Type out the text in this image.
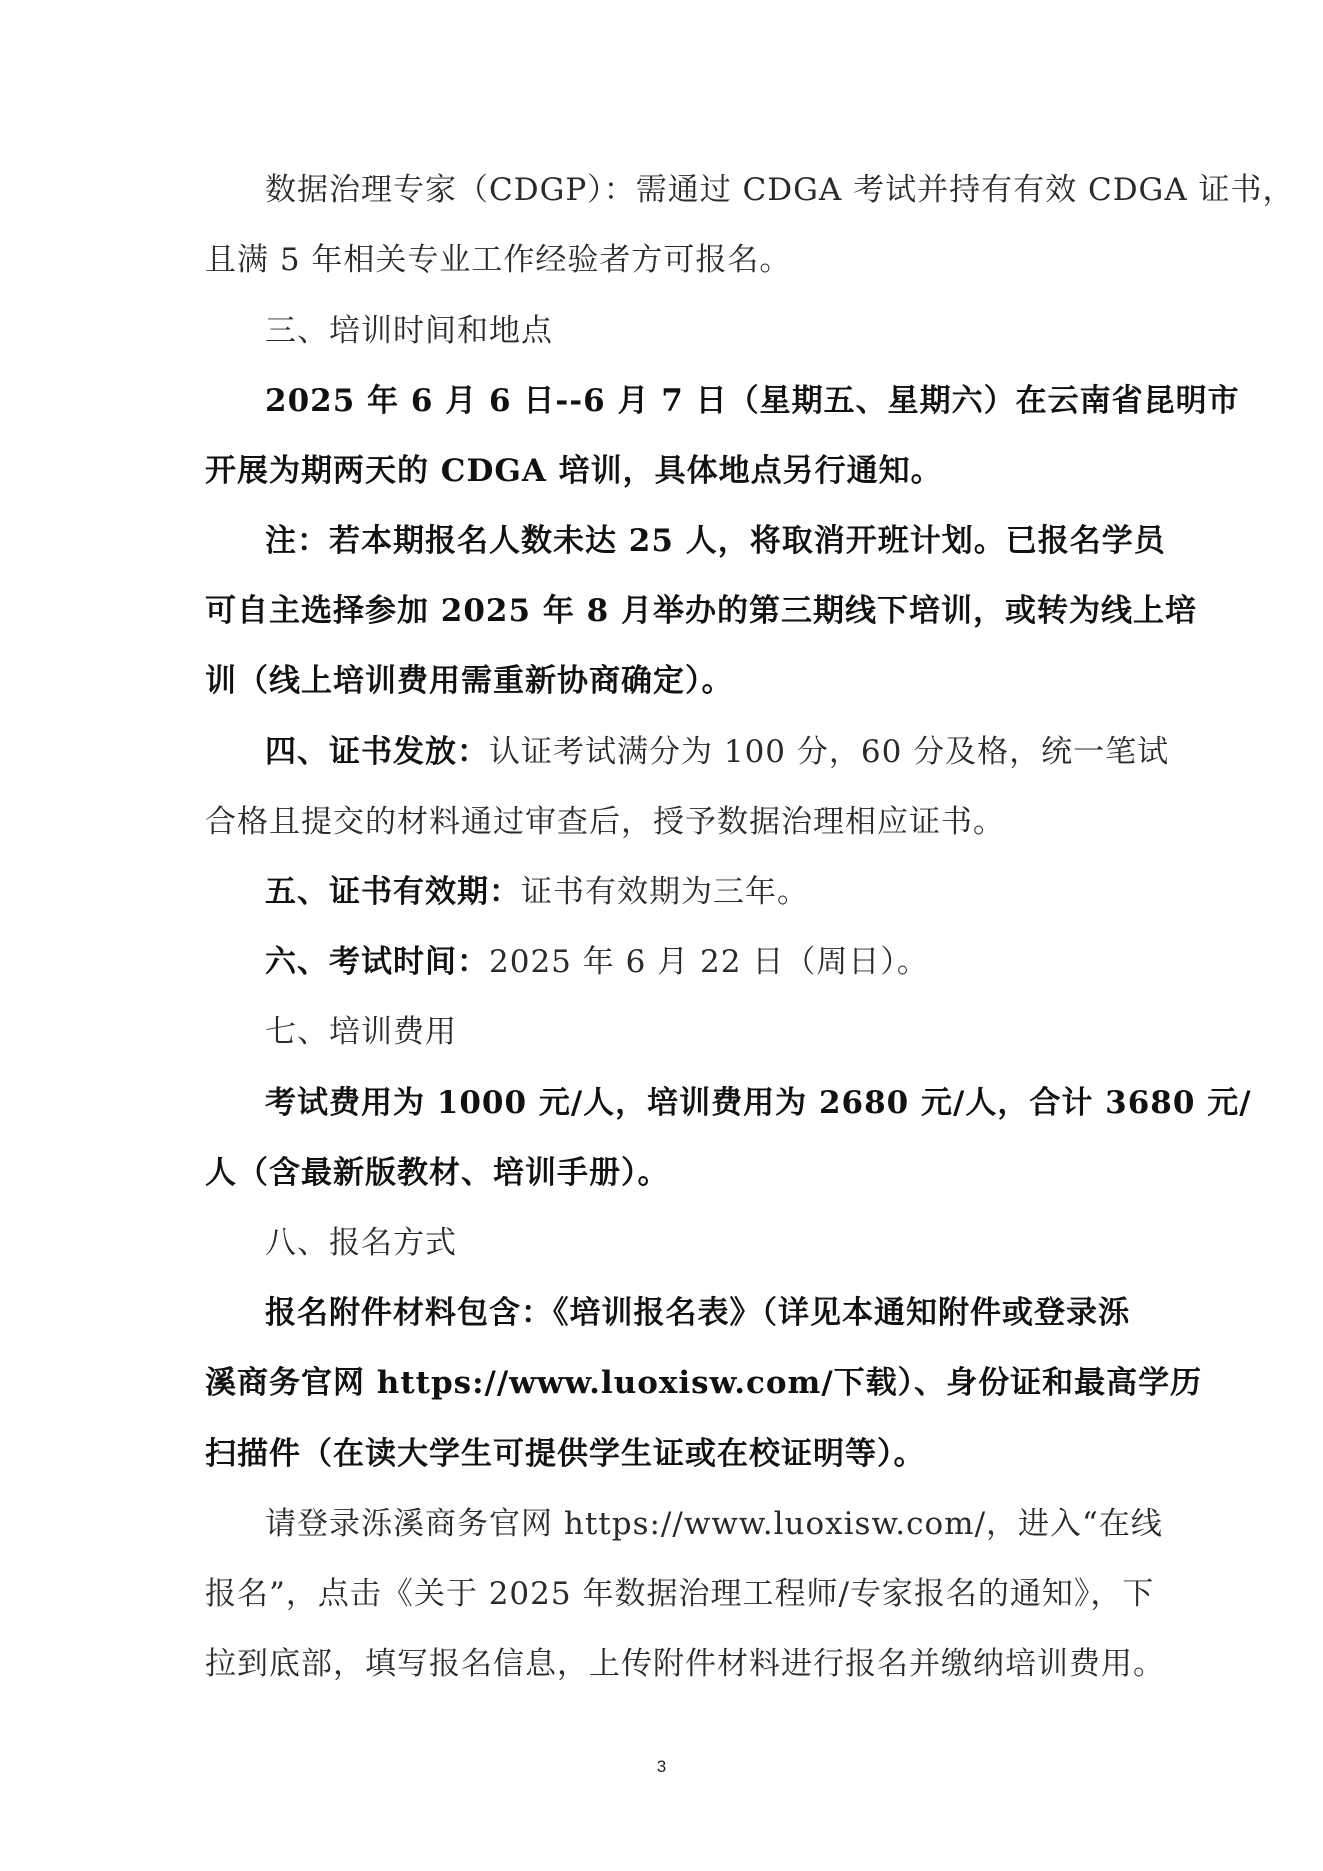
数据治理专家（CDGP）：需通过 CDGA 考试并持有有效 CDGA 证书，
且满 5 年相关专业工作经验者方可报名。
三、培训时间和地点
2025 年 6 月 6 日--6 月 7 日（星期五、星期六）在云南省昆明市
开展为期两天的 CDGA 培训，具体地点另行通知。
注：若本期报名人数未达 25 人，将取消开班计划。已报名学员
可自主选择参加 2025 年 8 月举办的第三期线下培训，或转为线上培
训（线上培训费用需重新协商确定）。
四、证书发放：认证考试满分为 100 分，60 分及格，统一笔试
合格且提交的材料通过审查后，授予数据治理相应证书。
五、证书有效期：证书有效期为三年。
六、考试时间：2025 年 6 月 22 日（周日）。
七、培训费用
考试费用为 1000 元/人，培训费用为 2680 元/人，合计 3680 元/
人（含最新版教材、培训手册）。
八、报名方式
报名附件材料包含：《培训报名表》（详见本通知附件或登录泺
溪商务官网 https://www.luoxisw.com/下载）、身份证和最高学历
扫描件（在读大学生可提供学生证或在校证明等）。
请登录泺溪商务官网 https://www.luoxisw.com/，进入“在线
报名”，点击《关于 2025 年数据治理工程师/专家报名的通知》，下
拉到底部，填写报名信息，上传附件材料进行报名并缴纳培训费用。
3
